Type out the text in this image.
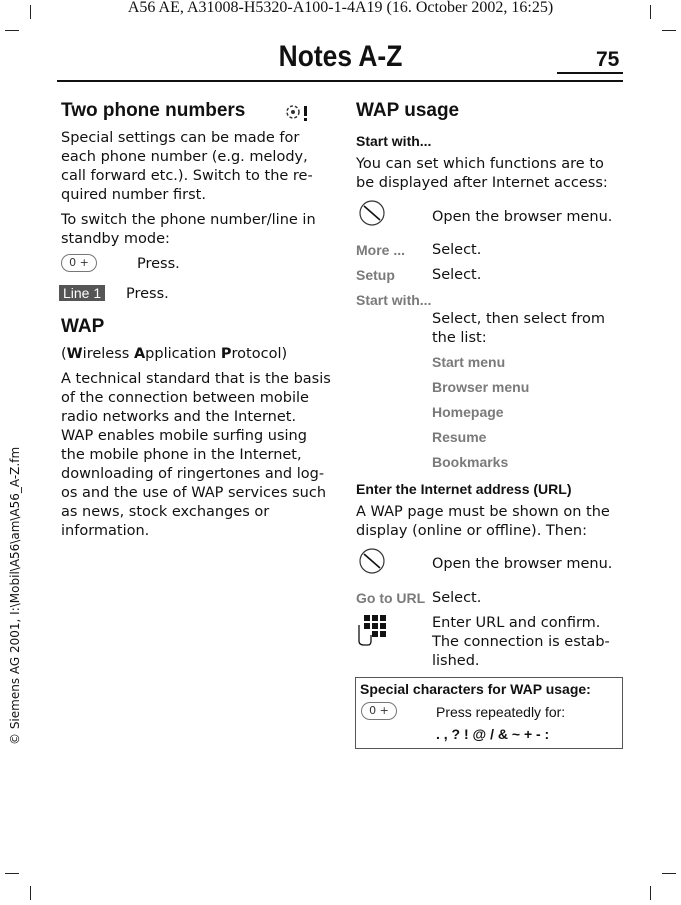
A56 AE, A31008-H5320-A100-1-4A19 (16. October 2002, 16:25)
Notes A-Z	75
© Siemens AG 2001, I:\Mobil\A56\am\A56_A-Z.fm
Two phone numbers
Special settings can be made for
each phone number (e.g. melody,
call forward etc.). Switch to the re-
quired number first.
To switch the phone number/line in
standby mode:
0 +	Press.
Line 1 Press.
WAP
(Wireless Application Protocol)
A technical standard that is the basis
of the connection between mobile
radio networks and the Internet.
WAP enables mobile surfing using
the mobile phone in the Internet,
downloading of ringertones and log-
os and the use of WAP services such
as news, stock exchanges or
information.
WAP usage
Start with...
You can set which functions are to
be displayed after Internet access:
Open the browser menu.
More ... Select.
Setup	Select.
Start with...
Select, then select from
the list:
Start menu
Browser menu
Homepage
Resume
Bookmarks
Enter the Internet address (URL)
A WAP page must be shown on the
display (online or offline). Then:
Open the browser menu.
Go to URL Select.
Enter URL and confirm.
The connection is estab-
lished.
Special characters for WAP usage:
0 +	Press repeatedly for:
. , ? ! @ / & ~ + - :
